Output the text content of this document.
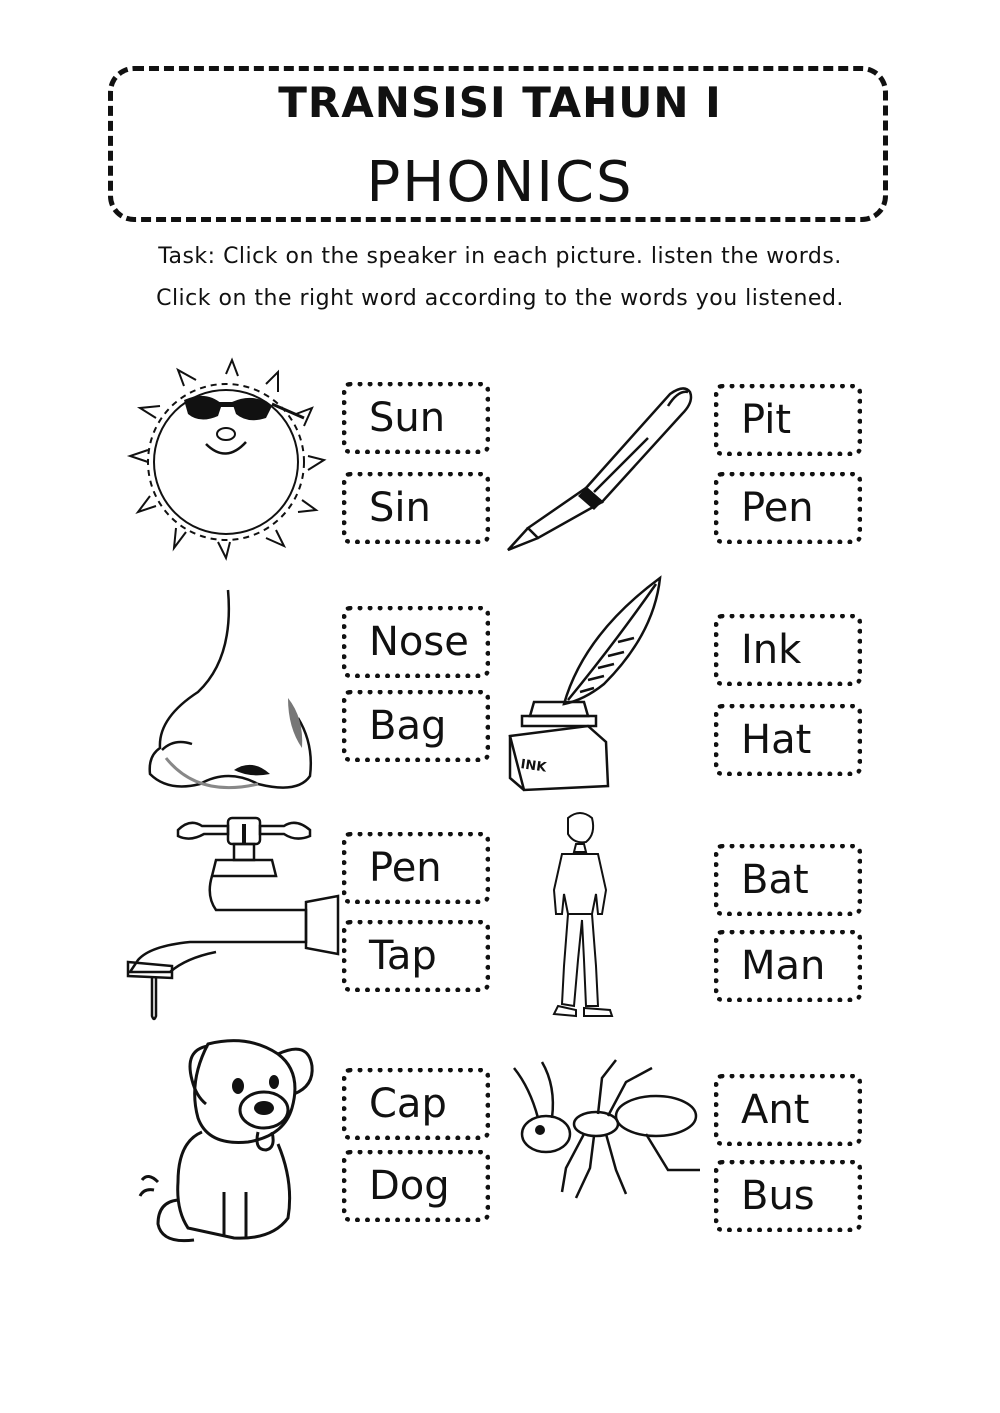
TRANSISI TAHUN I
PHONICS
Task: Click on the speaker in each picture. listen the words.
Click on the right word according to the words you listened.
INK
Sun
Sin
Pit
Pen
Nose
Bag
Ink
Hat
Pen
Tap
Bat
Man
Cap
Dog
Ant
Bus
